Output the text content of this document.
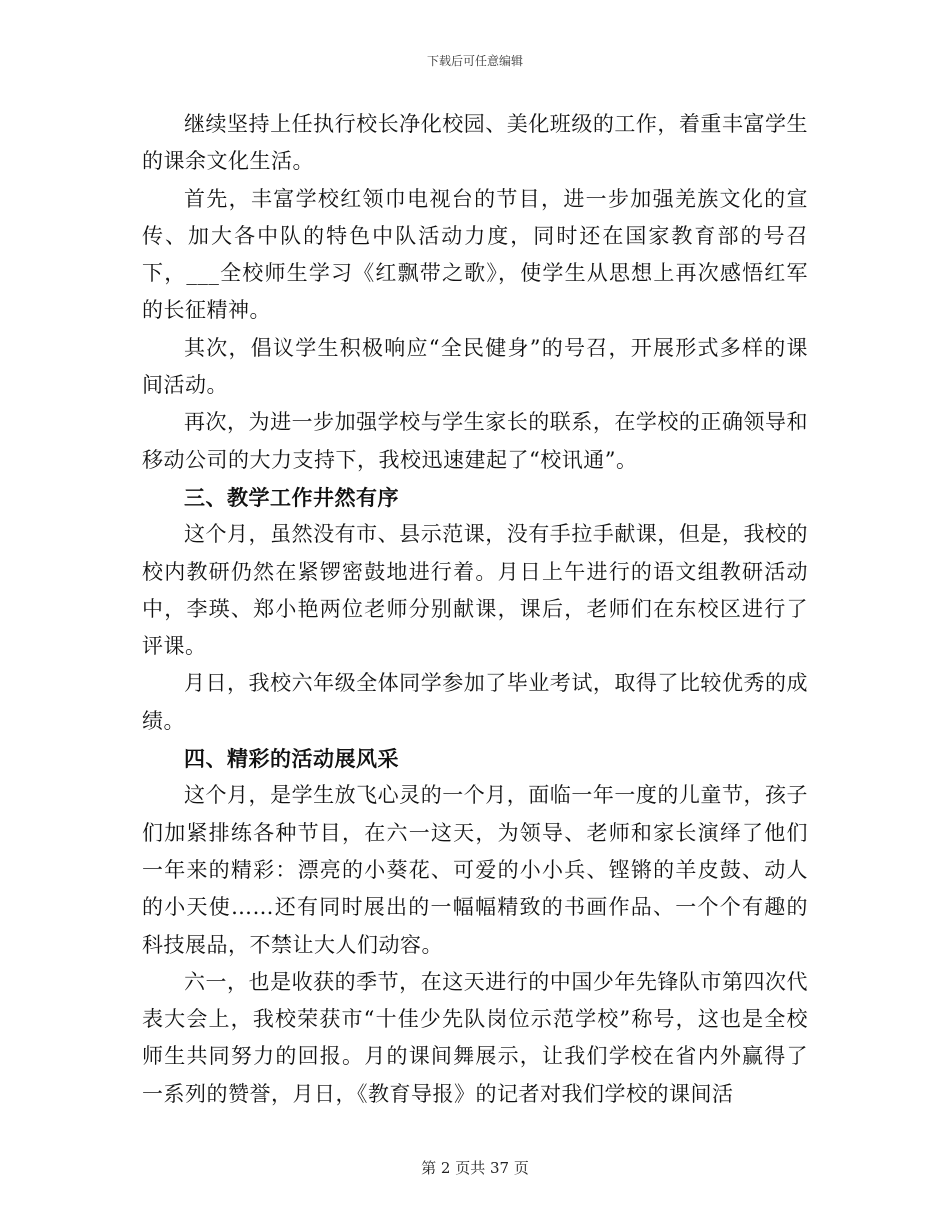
下载后可任意编辑

继续坚持上任执行校长净化校园、美化班级的工作，着重丰富学生的课余文化生活。

首先，丰富学校红领巾电视台的节目，进一步加强羌族文化的宣传、加大各中队的特色中队活动力度，同时还在国家教育部的号召下，___全校师生学习《红飘带之歌》，使学生从思想上再次感悟红军的长征精神。

其次，倡议学生积极响应“全民健身”的号召，开展形式多样的课间活动。

再次，为进一步加强学校与学生家长的联系，在学校的正确领导和移动公司的大力支持下，我校迅速建起了“校讯通”。

三、教学工作井然有序

这个月，虽然没有市、县示范课，没有手拉手献课，但是，我校的校内教研仍然在紧锣密鼓地进行着。月日上午进行的语文组教研活动中，李瑛、郑小艳两位老师分别献课，课后，老师们在东校区进行了评课。

月日，我校六年级全体同学参加了毕业考试，取得了比较优秀的成绩。

四、精彩的活动展风采

这个月，是学生放飞心灵的一个月，面临一年一度的儿童节，孩子们加紧排练各种节目，在六一这天，为领导、老师和家长演绎了他们一年来的精彩：漂亮的小葵花、可爱的小小兵、铿锵的羊皮鼓、动人的小天使……还有同时展出的一幅幅精致的书画作品、一个个有趣的科技展品，不禁让大人们动容。

六一，也是收获的季节，在这天进行的中国少年先锋队市第四次代表大会上，我校荣获市“十佳少先队岗位示范学校”称号，这也是全校师生共同努力的回报。月的课间舞展示，让我们学校在省内外赢得了一系列的赞誉，月日，《教育导报》的记者对我们学校的课间活

第 2 页共 37 页
